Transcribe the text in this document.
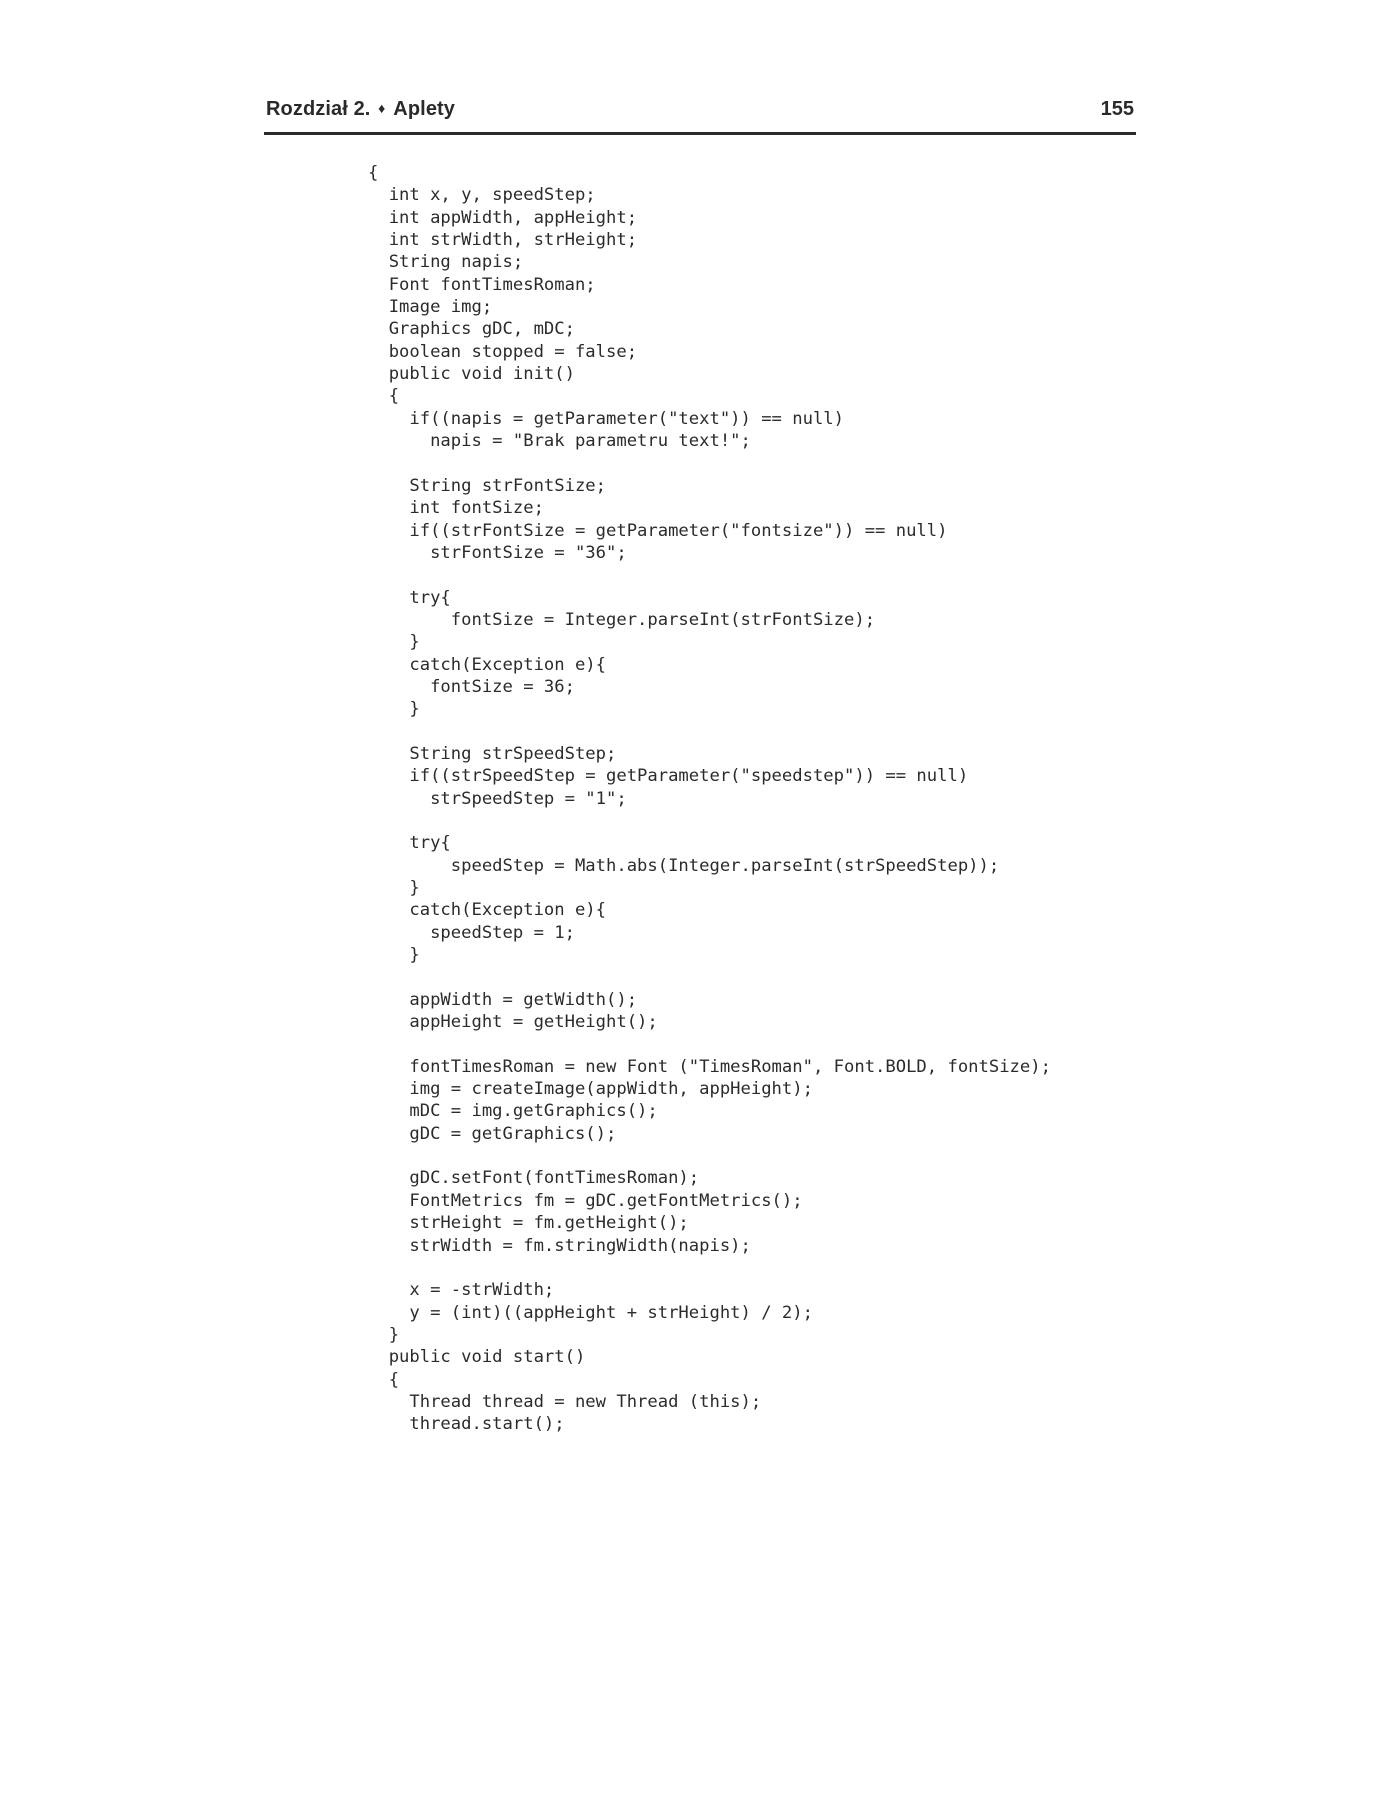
Rozdział 2. ♦ Aplety	155
{
int x, y, speedStep;
int appWidth, appHeight;
int strWidth, strHeight;
String napis;
Font fontTimesRoman;
Image img;
Graphics gDC, mDC;
boolean stopped = false;
public void init()
{
if((napis = getParameter("text")) == null)
napis = "Brak parametru text!";

String strFontSize;
int fontSize;
if((strFontSize = getParameter("fontsize")) == null)
strFontSize = "36";

try{
fontSize = Integer.parseInt(strFontSize);
}
catch(Exception e){
fontSize = 36;
}

String strSpeedStep;
if((strSpeedStep = getParameter("speedstep")) == null)
strSpeedStep = "1";

try{
speedStep = Math.abs(Integer.parseInt(strSpeedStep));
}
catch(Exception e){
speedStep = 1;
}

appWidth = getWidth();
appHeight = getHeight();

fontTimesRoman = new Font ("TimesRoman", Font.BOLD, fontSize);
img = createImage(appWidth, appHeight);
mDC = img.getGraphics();
gDC = getGraphics();

gDC.setFont(fontTimesRoman);
FontMetrics fm = gDC.getFontMetrics();
strHeight = fm.getHeight();
strWidth = fm.stringWidth(napis);

x = -strWidth;
y = (int)((appHeight + strHeight) / 2);
}
public void start()
{
Thread thread = new Thread (this);
thread.start();
